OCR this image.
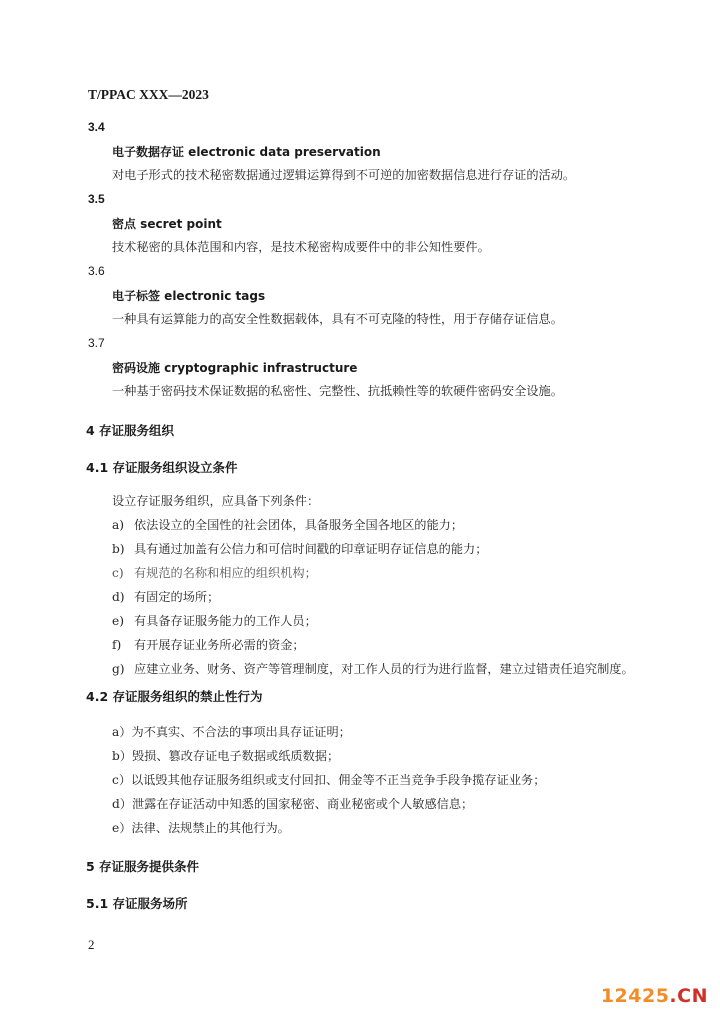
T/PPAC XXX—2023
3.4
电子数据存证 electronic data preservation
对电子形式的技术秘密数据通过逻辑运算得到不可逆的加密数据信息进行存证的活动。
3.5
密点 secret point
技术秘密的具体范围和内容，是技术秘密构成要件中的非公知性要件。
3.6
电子标签 electronic tags
一种具有运算能力的高安全性数据载体，具有不可克隆的特性，用于存储存证信息。
3.7
密码设施 cryptographic infrastructure
一种基于密码技术保证数据的私密性、完整性、抗抵赖性等的软硬件密码安全设施。
4 存证服务组织
4.1 存证服务组织设立条件
设立存证服务组织，应具备下列条件：
a) 依法设立的全国性的社会团体，具备服务全国各地区的能力；
b) 具有通过加盖有公信力和可信时间戳的印章证明存证信息的能力；
c) 有规范的名称和相应的组织机构；
d) 有固定的场所；
e) 有具备存证服务能力的工作人员；
f) 有开展存证业务所必需的资金；
g) 应建立业务、财务、资产等管理制度，对工作人员的行为进行监督，建立过错责任追究制度。
4.2 存证服务组织的禁止性行为
a）为不真实、不合法的事项出具存证证明；
b）毁损、篡改存证电子数据或纸质数据；
c）以诋毁其他存证服务组织或支付回扣、佣金等不正当竞争手段争揽存证业务；
d）泄露在存证活动中知悉的国家秘密、商业秘密或个人敏感信息；
e）法律、法规禁止的其他行为。
5 存证服务提供条件
5.1 存证服务场所
2
12425.CN
